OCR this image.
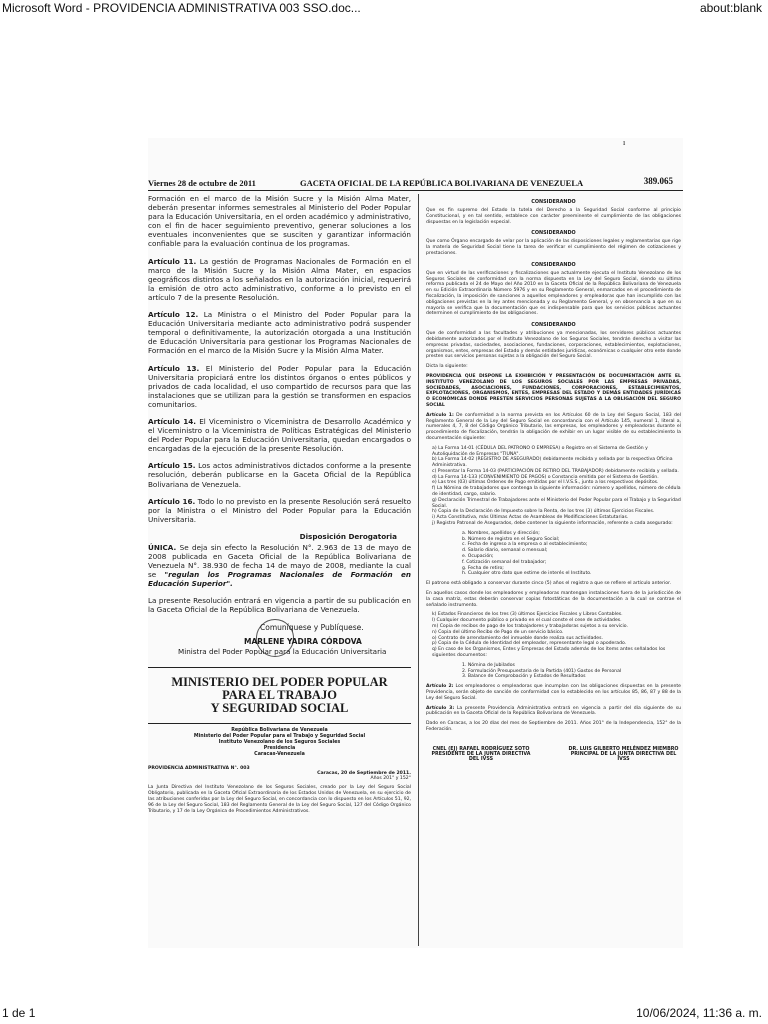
Microsoft Word - PROVIDENCIA ADMINISTRATIVA 003 SSO.doc...	about:blank
ı
Viernes 28 de octubre de 2011	GACETA OFICIAL DE LA REPÚBLICA BOLIVARIANA DE VENEZUELA	389.065

Formación en el marco de la Misión Sucre y la Misión Alma Mater, deberán presentar informes semestrales al Ministerio del Poder Popular para la Educación Universitaria, en el orden académico y administrativo, con el fin de hacer seguimiento preventivo, generar soluciones a los eventuales inconvenientes que se susciten y garantizar información confiable para la evaluación continua de los programas.

Artículo 11. La gestión de Programas Nacionales de Formación en el marco de la Misión Sucre y la Misión Alma Mater, en espacios geográficos distintos a los señalados en la autorización inicial, requerirá la emisión de otro acto administrativo, conforme a lo previsto en el artículo 7 de la presente Resolución.

Artículo 12. La Ministra o el Ministro del Poder Popular para la Educación Universitaria mediante acto administrativo podrá suspender temporal o definitivamente, la autorización otorgada a una Institución de Educación Universitaria para gestionar los Programas Nacionales de Formación en el marco de la Misión Sucre y la Misión Alma Mater.

Artículo 13. El Ministerio del Poder Popular para la Educación Universitaria propiciará entre los distintos órganos o entes públicos y privados de cada localidad, el uso compartido de recursos para que las instalaciones que se utilizan para la gestión se transformen en espacios comunitarios.

Artículo 14. El Viceministro o Viceministra de Desarrollo Académico y el Viceministro o la Viceministra de Políticas Estratégicas del Ministerio del Poder Popular para la Educación Universitaria, quedan encargados o encargadas de la ejecución de la presente Resolución.

Artículo 15. Los actos administrativos dictados conforme a la presente resolución, deberán publicarse en la Gaceta Oficial de la República Bolivariana de Venezuela.

Artículo 16. Todo lo no previsto en la presente Resolución será resuelto por la Ministra o el Ministro del Poder Popular para la Educación Universitaria.

Disposición Derogatoria

ÚNICA. Se deja sin efecto la Resolución N°. 2.963 de 13 de mayo de 2008 publicada en Gaceta Oficial de la República Bolivariana de Venezuela N°. 38.930 de fecha 14 de mayo de 2008, mediante la cual se "regulan los Programas Nacionales de Formación en Educación Superior".

La presente Resolución entrará en vigencia a partir de su publicación en la Gaceta Oficial de la República Bolivariana de Venezuela.

Comuníquese y Publíquese.
MARLENE YADIRA CÓRDOVA
Ministra del Poder Popular para la Educación Universitaria
MINISTERIO DEL PODER POPULAR
PARA EL TRABAJO
Y SEGURIDAD SOCIAL
República Bolivariana de Venezuela
Ministerio del Poder Popular para el Trabajo y Seguridad Social
Instituto Venezolano de los Seguros Sociales
Presidencia
Caracas-Venezuela
PROVIDENCIA ADMINISTRATIVA N°. 003
Caracas, 20 de Septiembre de 2011.
Años 201° y 152°

La Junta Directiva del Instituto Venezolano de los Seguros Sociales, creado por la Ley del Seguro Social Obligatorio, publicada en la Gaceta Oficial Extraordinaria de los Estados Unidos de Venezuela, en su ejercicio de las atribuciones conferidas por la Ley del Seguro Social, en concordancia con lo dispuesto en los Artículos 51, 92, 96 de la Ley del Seguro Social, 183 del Reglamento General de la Ley del Seguro Social, 127 del Código Orgánico Tributario, y 17 de la Ley Orgánica de Procedimientos Administrativos.

CONSIDERANDO

Que es fin supremo del Estado la tutela del Derecho a la Seguridad Social conforme al principio Constitucional, y en tal sentido, establece con carácter preeminente el cumplimiento de las obligaciones dispuestas en la legislación especial.

CONSIDERANDO

Que como Órgano encargado de velar por la aplicación de las disposiciones legales y reglamentarias que rige la materia de Seguridad Social tiene la tarea de verificar el cumplimiento del régimen de cotizaciones y prestaciones.

CONSIDERANDO

Que en virtud de las verificaciones y fiscalizaciones que actualmente ejecuta el Instituto Venezolano de los Seguros Sociales de conformidad con la norma dispuesta en la Ley del Seguro Social, siendo su última reforma publicada el 24 de Mayo del Año 2010 en la Gaceta Oficial de la República Bolivariana de Venezuela en su Edición Extraordinaria Número 5976 y en su Reglamento General, enmarcados en el procedimiento de fiscalización, la imposición de sanciones a aquellos empleadores y empleadoras que han incumplido con las obligaciones previstas en la ley antes mencionada y su Reglamento General, y en observancia a que en su mayoría se verifica que la documentación que es indispensable para que los servicios públicos actuantes determinen el cumplimiento de las obligaciones.

CONSIDERANDO

Que de conformidad a las facultades y atribuciones ya mencionadas, los servidores públicos actuantes debidamente autorizados por el Instituto Venezolano de los Seguros Sociales, tendrán derecho a visitar las empresas privadas, sociedades, asociaciones, fundaciones, corporaciones, establecimientos, explotaciones, organismos, entes, empresas del Estado y demás entidades jurídicas, económicas o cualquier otro ente donde presten sus servicios personas sujetas a la obligación del Seguro Social.

Dicta la siguiente:

PROVIDENCIA QUE DISPONE LA EXHIBICIÓN Y PRESENTACIÓN DE DOCUMENTACIÓN ANTE EL INSTITUTO VENEZOLANO DE LOS SEGUROS SOCIALES POR LAS EMPRESAS PRIVADAS, SOCIEDADES, ASOCIACIONES, FUNDACIONES, CORPORACIONES, ESTABLECIMIENTOS, EXPLOTACIONES, ORGANISMOS, ENTES, EMPRESAS DEL ESTADO Y DEMÁS ENTIDADES JURÍDICAS O ECONÓMICAS DONDE PRESTEN SERVICIOS PERSONAS SUJETAS A LA OBLIGACIÓN DEL SEGURO SOCIAL

Artículo 1: De conformidad a la norma prevista en los Artículos 60 de la Ley del Seguro Social, 183 del Reglamento General de la Ley del Seguro Social en concordancia con el Artículo 145, numeral 1, literal a, numerales 4, 7, 8 del Código Orgánico Tributario, las empresas, los empleadores y empleadoras durante el procedimiento de fiscalización, tendrán la obligación de exhibir en un lugar visible de su establecimiento la documentación siguiente:

a) La Forma 14-01 (CÉDULA DEL PATRONO O EMPRESA) o Registro en el Sistema de Gestión y Autoliquidación de Empresas "TIUNA".
b) La Forma 14-02 (REGISTRO DE ASEGURADO) debidamente recibida y sellada por la respectiva Oficina Administrativa.
c) Presentar la Forma 14-03 (PARTICIPACIÓN DE RETIRO DEL TRABAJADOR) debidamente recibida y sellada.
d) La Forma 14-133 (CONVENIMIENTO DE PAGOS) o Constancia emitida por el Sistema de Gestión.
e) Las tres (03) últimas Órdenes de Pago emitidas por el I.V.S.S., junto a los respectivos depósitos.
f) La Nómina de trabajadores que contenga la siguiente información: número y apellidos, número de cédula de identidad, cargo, salario.
g) Declaración Trimestral de Trabajadores ante el Ministerio del Poder Popular para el Trabajo y la Seguridad Social.
h) Copia de la Declaración de Impuesto sobre la Renta, de los tres (3) últimos Ejercicios Fiscales.
i) Acta Constitutiva, más Últimas Actas de Asambleas de Modificaciones Estatutarias.
j) Registro Patronal de Asegurados, debe contener la siguiente información, referente a cada asegurado:
a. Nombres, apellidos y dirección;
b. Número de registro en el Seguro Social;
c. Fecha de ingreso a la empresa o al establecimiento;
d. Salario diario, semanal o mensual;
e. Ocupación;
f. Cotización semanal del trabajador;
g. Fecha de retiro;
h. Cualquier otro dato que estime de interés el Instituto.

El patrono está obligado a conservar durante cinco (5) años el registro a que se refiere el artículo anterior.

En aquellos casos donde los empleadores y empleadoras mantengan instalaciones fuera de la jurisdicción de la casa matriz, estas deberán conservar copias fotostáticas de la documentación a la cual se contrae el señalado instrumento.

k) Estados Financieros de los tres (3) últimos Ejercicios Fiscales y Libros Contables.
l) Cualquier documento público o privado en el cual conste el cese de actividades.
m) Copia de recibos de pago de los trabajadores y trabajadoras sujetos a su servicio.
n) Copia del último Recibo de Pago de un servicio básico.
o) Contrato de arrendamiento del inmueble donde realiza sus actividades.
p) Copia de la Cédula de Identidad del empleador, representante legal o apoderado.
q) En caso de los Organismos, Entes y Empresas del Estado además de los ítems antes señalados los siguientes documentos:
1. Nómina de Jubilados
2. Formulación Presupuestaria de la Partida (401) Gastos de Personal
3. Balance de Comprobación y Estados de Resultados

Artículo 2: Los empleadores o empleadoras que incumplan con las obligaciones dispuestas en la presente Providencia, serán objeto de sanción de conformidad con lo establecido en los artículos 85, 86, 87 y 88 de la Ley del Seguro Social.

Artículo 3: La presente Providencia Administrativa entrará en vigencia a partir del día siguiente de su publicación en la Gaceta Oficial de la República Bolivariana de Venezuela.

Dado en Caracas, a los 20 días del mes de Septiembre de 2011. Años 201° de la Independencia, 152° de la Federación.

CNEL (EJ) RAFAEL RODRÍGUEZ SOTO PRESIDENTE DE LA JUNTA DIRECTIVA DEL IVSS
DR. LUIS GILBERTO MELÉNDEZ MIEMBRO PRINCIPAL DE LA JUNTA DIRECTIVA DEL IVSS
1 de 1	10/06/2024, 11:36 a. m.
